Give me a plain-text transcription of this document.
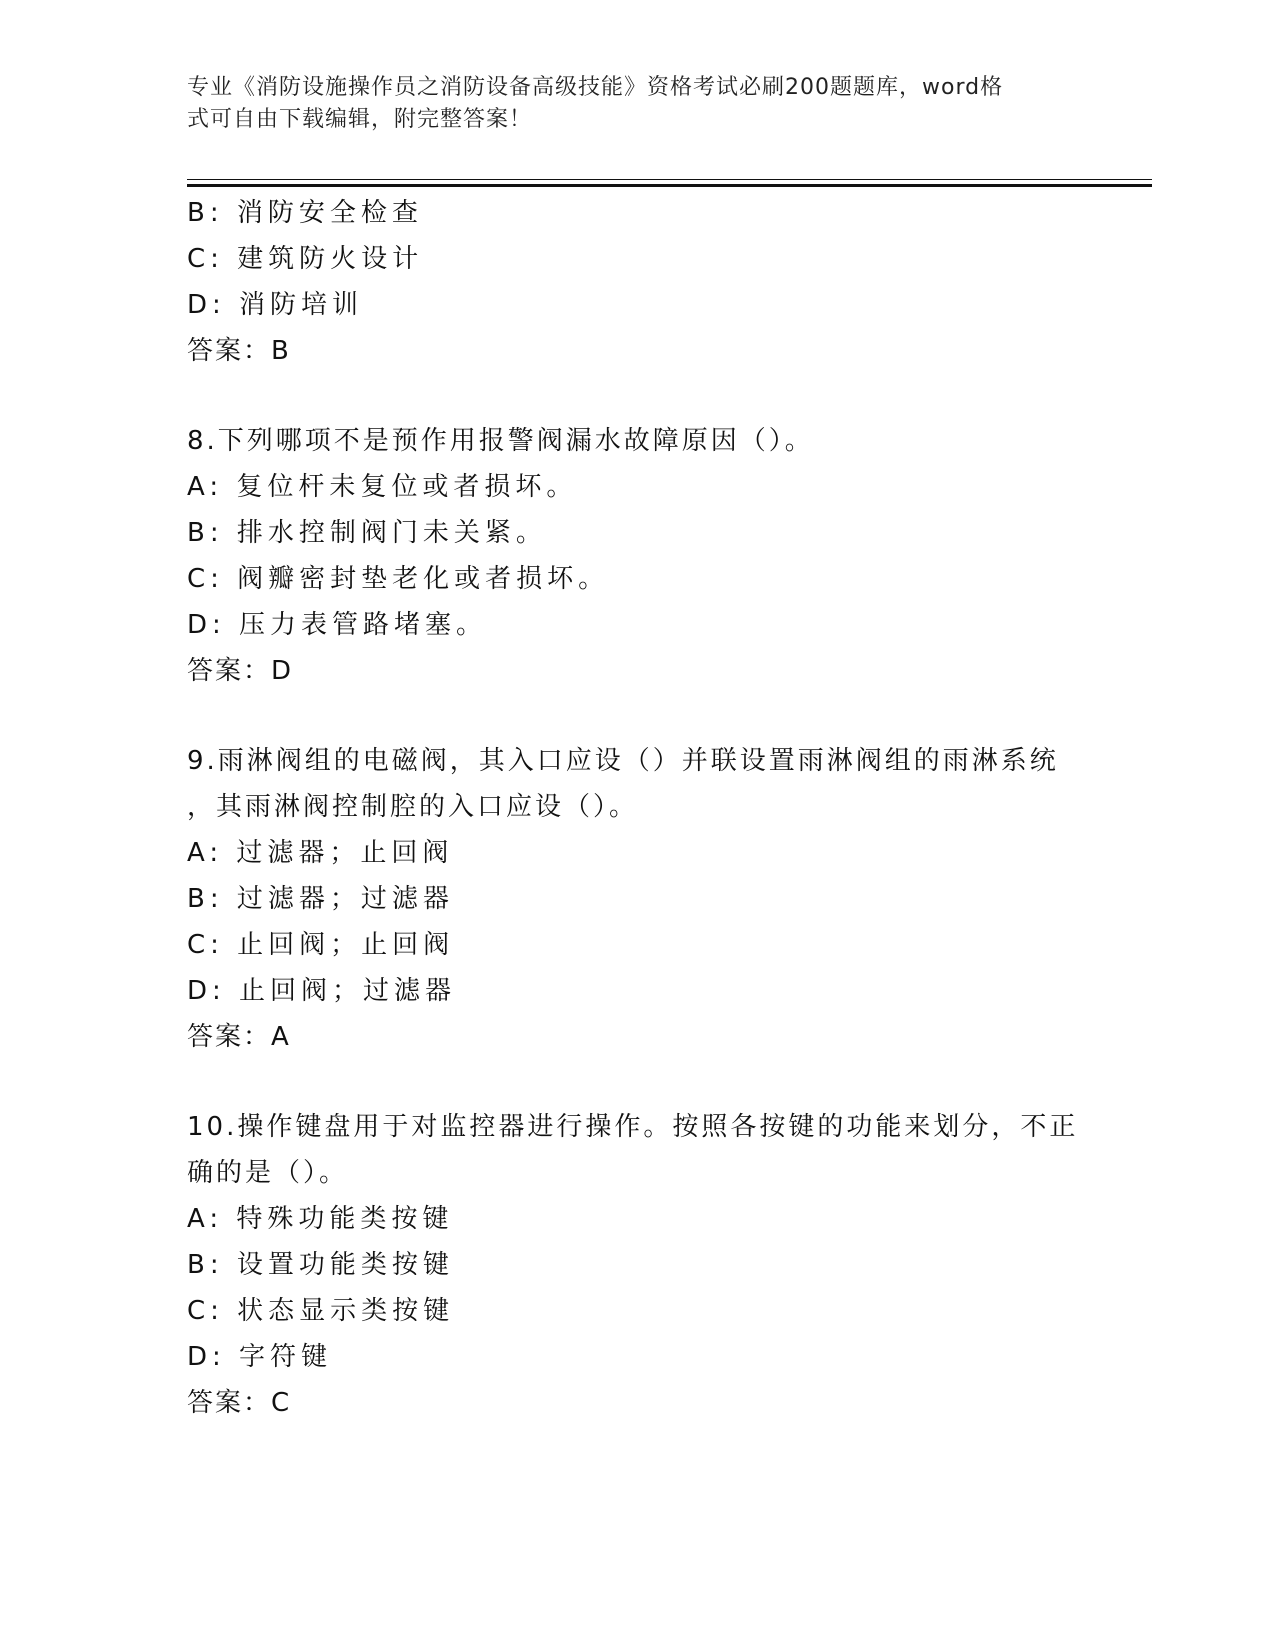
专业《消防设施操作员之消防设备高级技能》资格考试必刷200题题库，word格
式可自由下载编辑，附完整答案！
B: 消防安全检查
C: 建筑防火设计
D: 消防培训
答案：B
8.下列哪项不是预作用报警阀漏水故障原因（）。
A: 复位杆未复位或者损坏。
B: 排水控制阀门未关紧。
C: 阀瓣密封垫老化或者损坏。
D: 压力表管路堵塞。
答案：D
9.雨淋阀组的电磁阀，其入口应设（）并联设置雨淋阀组的雨淋系统
，其雨淋阀控制腔的入口应设（）。
A: 过滤器；止回阀
B: 过滤器；过滤器
C: 止回阀；止回阀
D: 止回阀；过滤器
答案：A
10.操作键盘用于对监控器进行操作。按照各按键的功能来划分，不正
确的是（）。
A: 特殊功能类按键
B: 设置功能类按键
C: 状态显示类按键
D: 字符键
答案：C
